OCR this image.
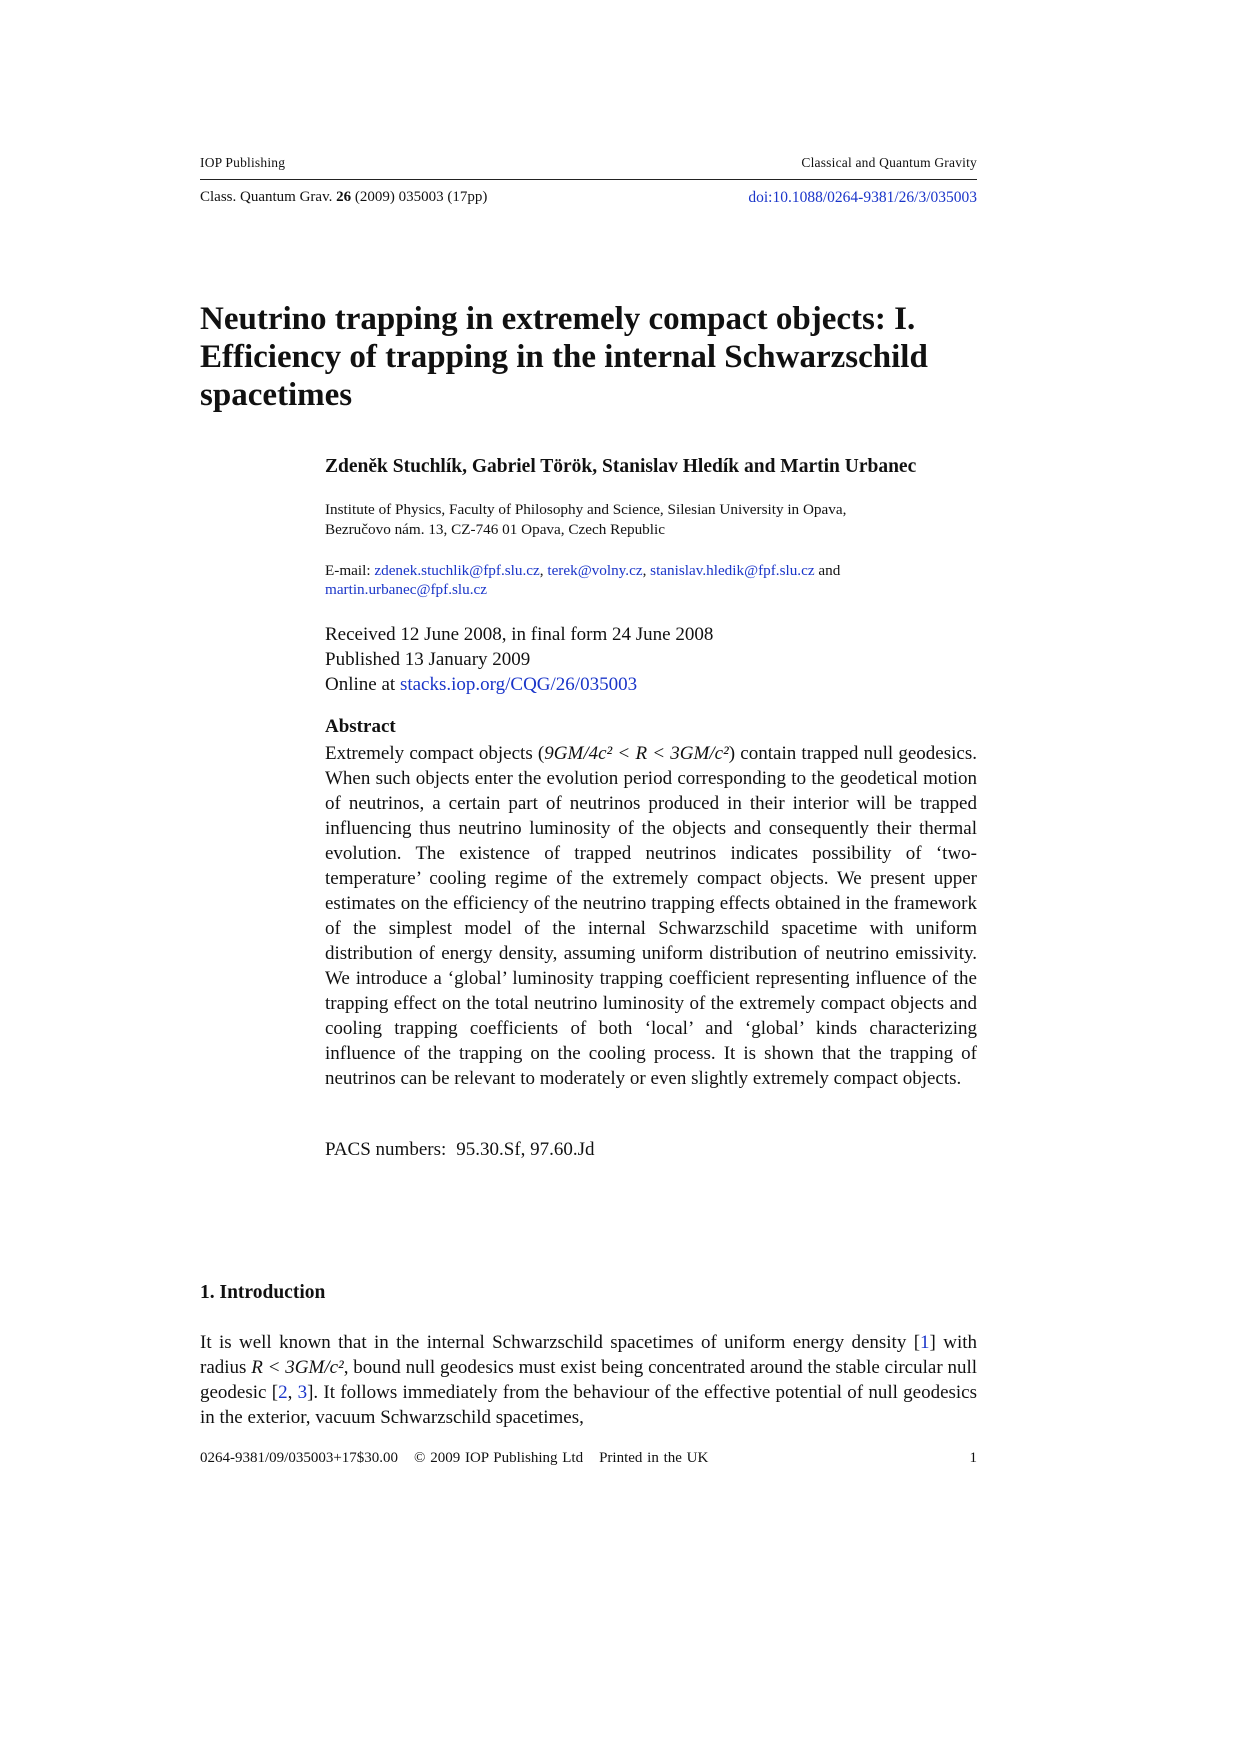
IOP Publishing	Classical and Quantum Gravity
Class. Quantum Grav. 26 (2009) 035003 (17pp)	doi:10.1088/0264-9381/26/3/035003
Neutrino trapping in extremely compact objects: I. Efficiency of trapping in the internal Schwarzschild spacetimes
Zdeněk Stuchlík, Gabriel Török, Stanislav Hledík and Martin Urbanec
Institute of Physics, Faculty of Philosophy and Science, Silesian University in Opava,
Bezručovo nám. 13, CZ-746 01 Opava, Czech Republic
E-mail: zdenek.stuchlik@fpf.slu.cz, terek@volny.cz, stanislav.hledik@fpf.slu.cz and
martin.urbanec@fpf.slu.cz
Received 12 June 2008, in final form 24 June 2008
Published 13 January 2009
Online at stacks.iop.org/CQG/26/035003
Abstract
Extremely compact objects (9GM/4c² < R < 3GM/c²) contain trapped null geodesics. When such objects enter the evolution period corresponding to the geodetical motion of neutrinos, a certain part of neutrinos produced in their interior will be trapped influencing thus neutrino luminosity of the objects and consequently their thermal evolution. The existence of trapped neutrinos indicates possibility of ‘two-temperature’ cooling regime of the extremely compact objects. We present upper estimates on the efficiency of the neutrino trapping effects obtained in the framework of the simplest model of the internal Schwarzschild spacetime with uniform distribution of energy density, assuming uniform distribution of neutrino emissivity. We introduce a ‘global’ luminosity trapping coefficient representing influence of the trapping effect on the total neutrino luminosity of the extremely compact objects and cooling trapping coefficients of both ‘local’ and ‘global’ kinds characterizing influence of the trapping on the cooling process. It is shown that the trapping of neutrinos can be relevant to moderately or even slightly extremely compact objects.
PACS numbers: 95.30.Sf, 97.60.Jd
1. Introduction
It is well known that in the internal Schwarzschild spacetimes of uniform energy density [1] with radius R < 3GM/c², bound null geodesics must exist being concentrated around the stable circular null geodesic [2, 3]. It follows immediately from the behaviour of the effective potential of null geodesics in the exterior, vacuum Schwarzschild spacetimes,
0264-9381/09/035003+17$30.00 © 2009 IOP Publishing Ltd Printed in the UK	1
